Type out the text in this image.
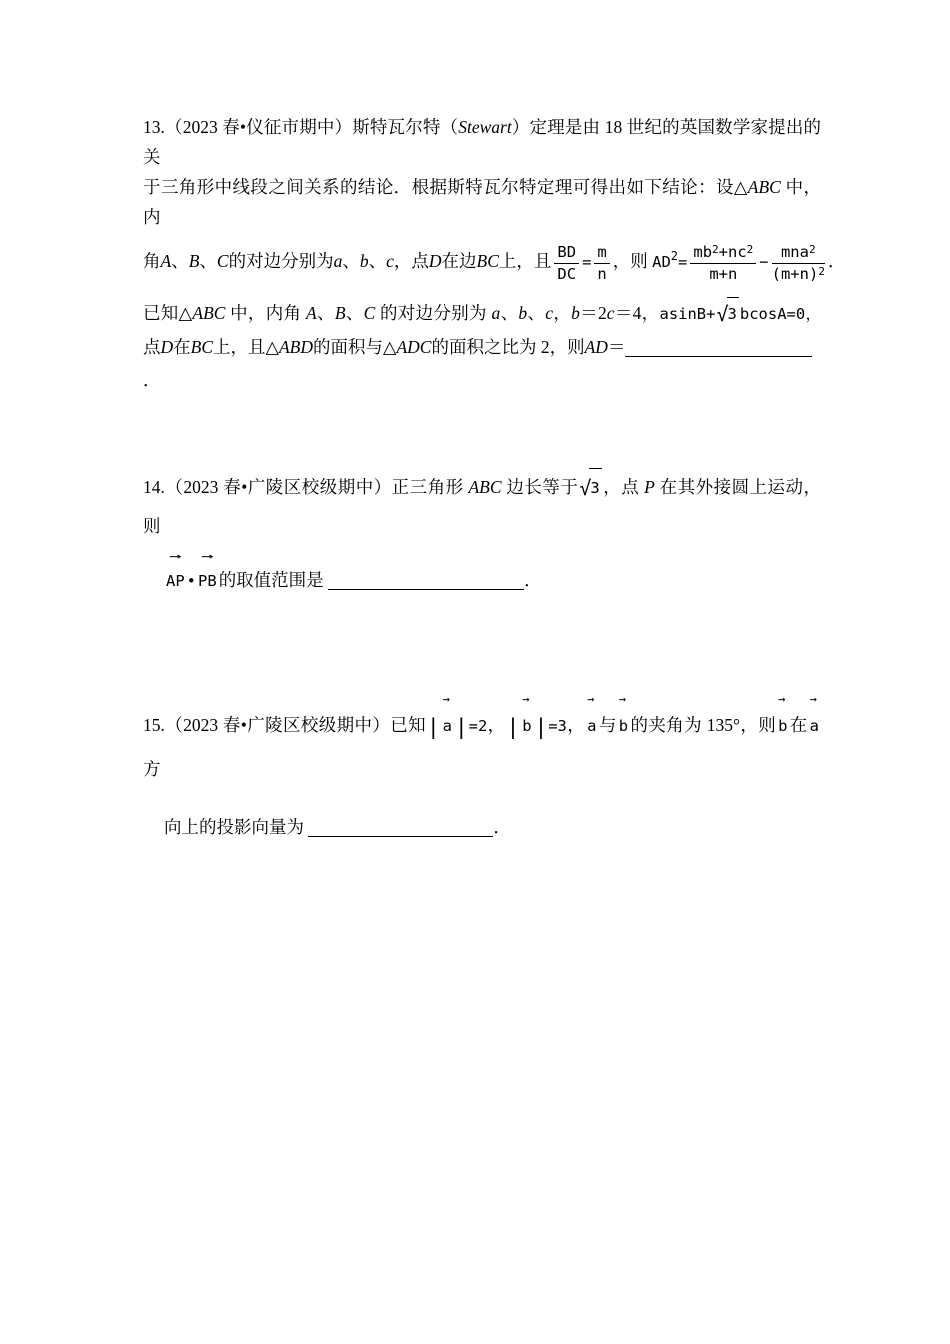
13.（2023 春•仪征市期中）斯特瓦尔特（Stewart）定理是由 18 世纪的英国数学家提出的关
于三角形中线段之间关系的结论．根据斯特瓦尔特定理可得出如下结论：设△ABC 中，内
角A、B、C的对边分别为a、b、c，点D在边BC上，且 $\frac{BD}{DC} = \frac{m}{n}$ ，则 $AD2= \frac{mb2+nc2}{m+n} - \frac{\text{mna2}}{(m+n)2}$ ．
已知△ABC 中，内角 A、B、C 的对边分别为 a、b、c，b＝2c＝4，asinB+√3 bcosA=0，
点D在BC上，且△ABD的面积与△ADC的面积之比为 2，则AD＝．
14.（2023 春•广陵区校级期中）正三角形 ABC 边长等于√3 ，点 P 在其外接圆上运动，则
→
AP •
→
PB 的取值范围是	．
15.（2023 春•广陵区校级期中）已知|
→
a |=2，|
→
b |=3，
→
a 与
→
b 的夹角为 135°，则
→
b 在
→
a方
向上的投影向量为	．
